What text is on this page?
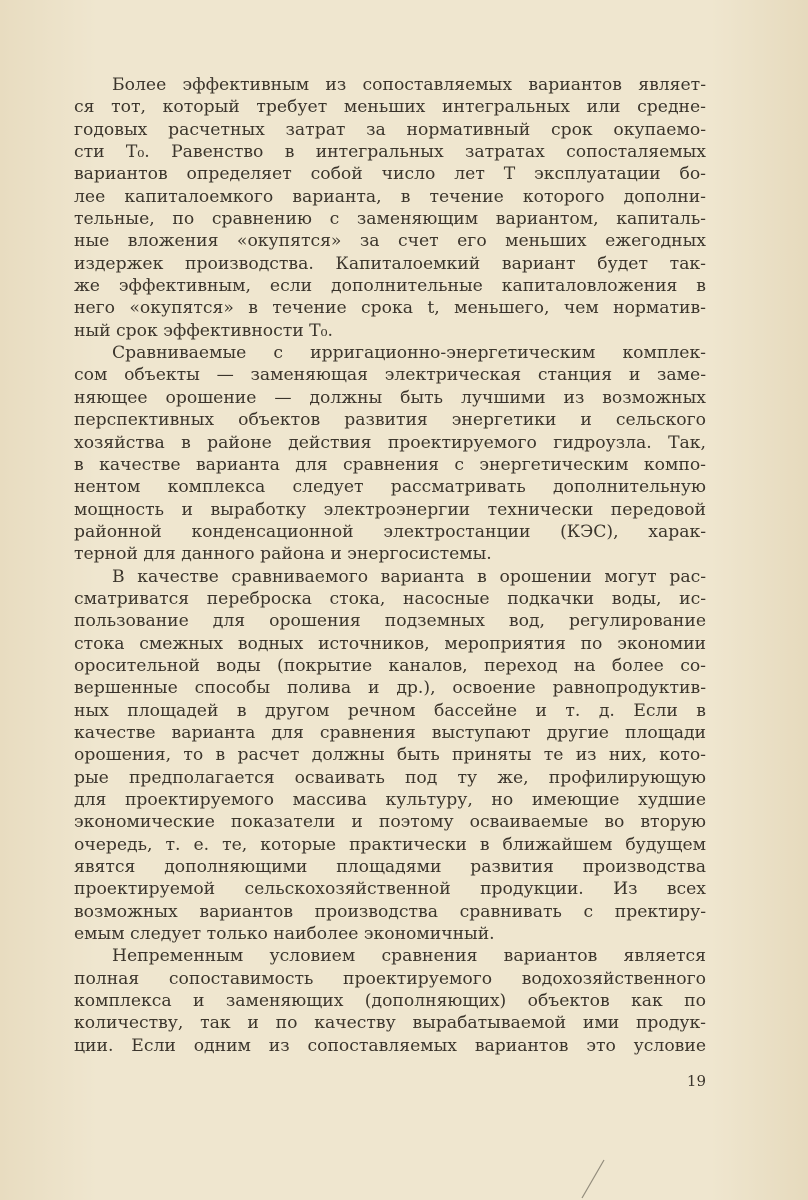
Более эффективным из сопоставляемых вариантов являет-
ся тот, который требует меньших интегральных или средне-
годовых расчетных затрат за нормативный срок окупаемо-
сти T₀. Равенство в интегральных затратах сопосталяемых
вариантов определяет собой число лет T эксплуатации бо-
лее капиталоемкого варианта, в течение которого дополни-
тельные, по сравнению с заменяющим вариантом, капиталь-
ные вложения «окупятся» за счет его меньших ежегодных
издержек производства. Капиталоемкий вариант будет так-
же эффективным, если дополнительные капиталовложения в
него «окупятся» в течение срока t, меньшего, чем норматив-
ный срок эффективности T₀.
Сравниваемые с ирригационно-энергетическим комплек-
сом объекты — заменяющая электрическая станция и заме-
няющее орошение — должны быть лучшими из возможных
перспективных объектов развития энергетики и сельского
хозяйства в районе действия проектируемого гидроузла. Так,
в качестве варианта для сравнения с энергетическим компо-
нентом комплекса следует рассматривать дополнительную
мощность и выработку электроэнергии технически передовой
районной конденсационной электростанции (КЭС), харак-
терной для данного района и энергосистемы.
В качестве сравниваемого варианта в орошении могут рас-
сматриватся переброска стока, насосные подкачки воды, ис-
пользование для орошения подземных вод, регулирование
стока смежных водных источников, мероприятия по экономии
оросительной воды (покрытие каналов, переход на более со-
вершенные способы полива и др.), освоение равнопродуктив-
ных площадей в другом речном бассейне и т. д. Если в
качестве варианта для сравнения выступают другие площади
орошения, то в расчет должны быть приняты те из них, кото-
рые предполагается осваивать под ту же, профилирующую
для проектируемого массива культуру, но имеющие худшие
экономические показатели и поэтому осваиваемые во вторую
очередь, т. е. те, которые практически в ближайшем будущем
явятся дополняющими площадями развития производства
проектируемой сельскохозяйственной продукции. Из всех
возможных вариантов производства сравнивать с пректиру-
емым следует только наиболее экономичный.
Непременным условием сравнения вариантов является
полная сопоставимость проектируемого водохозяйственного
комплекса и заменяющих (дополняющих) объектов как по
количеству, так и по качеству вырабатываемой ими продук-
ции. Если одним из сопоставляемых вариантов это условие
19
